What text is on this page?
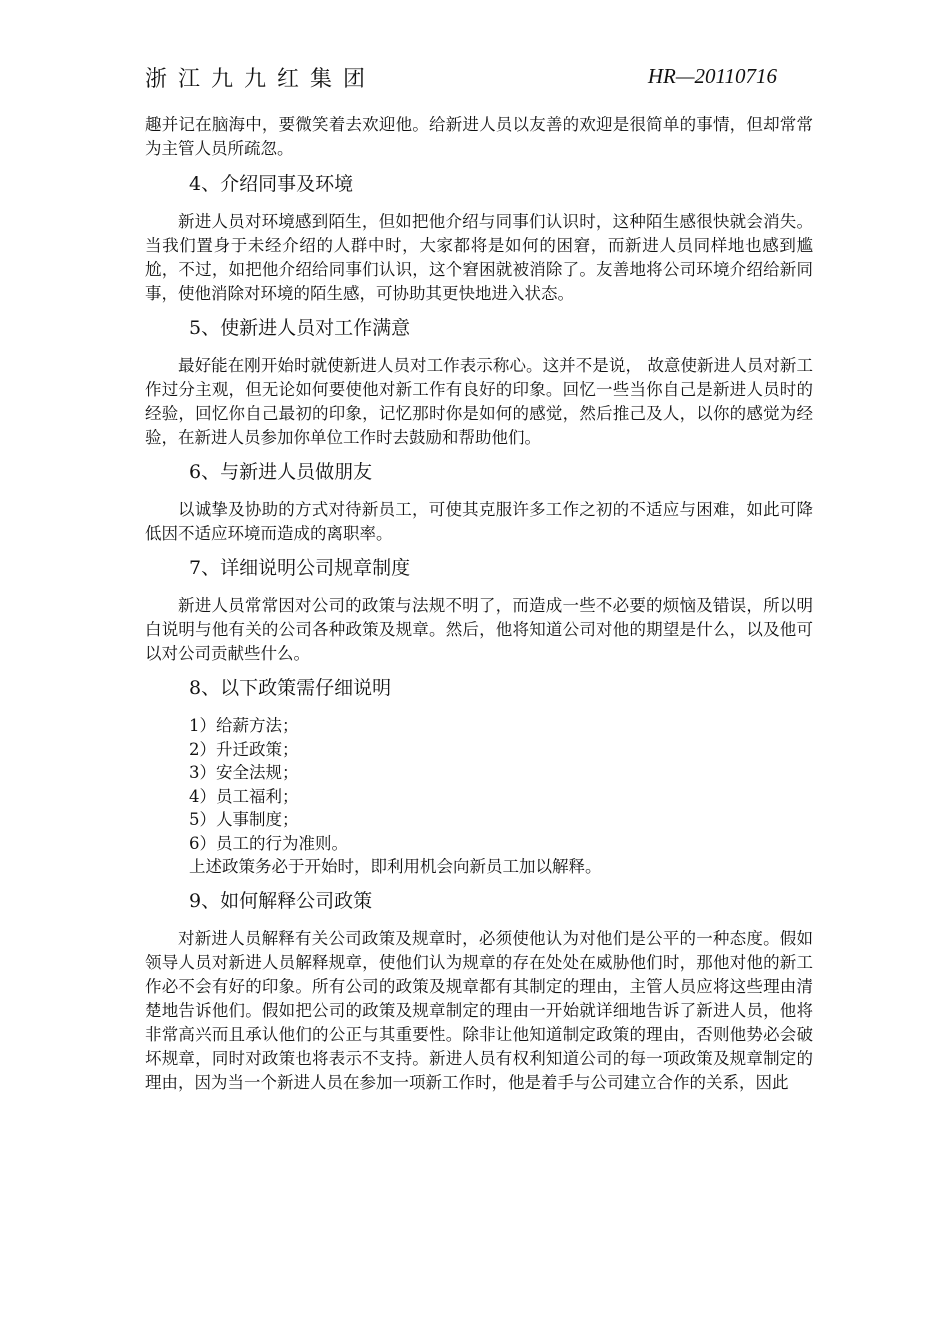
浙江九九红集团	HR—20110716

趣并记在脑海中，要微笑着去欢迎他。给新进人员以友善的欢迎是很简单的事情，但却常常为主管人员所疏忽。

4、介绍同事及环境

新进人员对环境感到陌生，但如把他介绍与同事们认识时，这种陌生感很快就会消失。当我们置身于未经介绍的人群中时，大家都将是如何的困窘，而新进人员同样地也感到尴尬，不过，如把他介绍给同事们认识，这个窘困就被消除了。友善地将公司环境介绍给新同事，使他消除对环境的陌生感，可协助其更快地进入状态。

5、使新进人员对工作满意

最好能在刚开始时就使新进人员对工作表示称心。这并不是说， 故意使新进人员对新工作过分主观，但无论如何要使他对新工作有良好的印象。回忆一些当你自己是新进人员时的经验，回忆你自己最初的印象，记忆那时你是如何的感觉，然后推己及人，以你的感觉为经验，在新进人员参加你单位工作时去鼓励和帮助他们。

6、与新进人员做朋友

以诚挚及协助的方式对待新员工，可使其克服许多工作之初的不适应与困难，如此可降低因不适应环境而造成的离职率。

7、详细说明公司规章制度

新进人员常常因对公司的政策与法规不明了，而造成一些不必要的烦恼及错误，所以明白说明与他有关的公司各种政策及规章。然后，他将知道公司对他的期望是什么，以及他可以对公司贡献些什么。

8、以下政策需仔细说明

1）给薪方法；

2）升迁政策；

3）安全法规；

4）员工福利；

5）人事制度；

6）员工的行为准则。

上述政策务必于开始时，即利用机会向新员工加以解释。

9、如何解释公司政策

对新进人员解释有关公司政策及规章时，必须使他认为对他们是公平的一种态度。假如领导人员对新进人员解释规章，使他们认为规章的存在处处在威胁他们时，那他对他的新工作必不会有好的印象。所有公司的政策及规章都有其制定的理由，主管人员应将这些理由清楚地告诉他们。假如把公司的政策及规章制定的理由一开始就详细地告诉了新进人员，他将非常高兴而且承认他们的公正与其重要性。除非让他知道制定政策的理由，否则他势必会破坏规章，同时对政策也将表示不支持。新进人员有权利知道公司的每一项政策及规章制定的理由，因为当一个新进人员在参加一项新工作时，他是着手与公司建立合作的关系，因此
